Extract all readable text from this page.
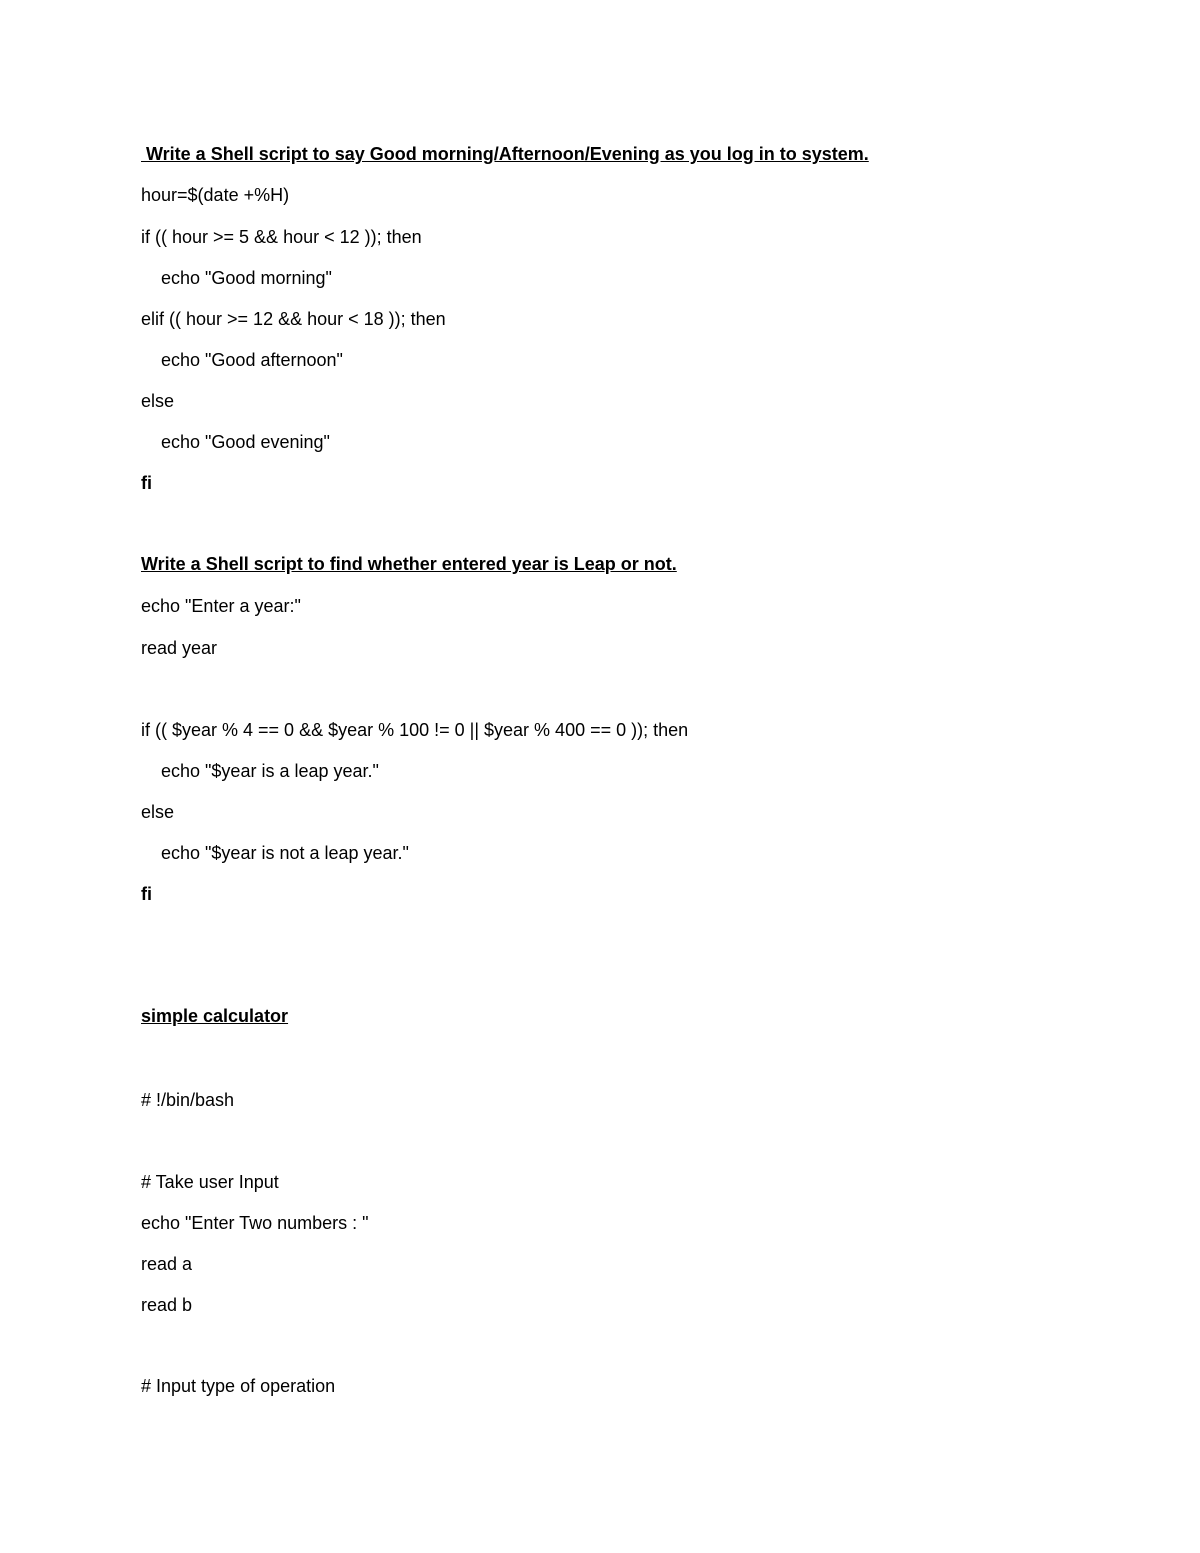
Write a Shell script to say Good morning/Afternoon/Evening as you log in to system.
hour=$(date +%H)
if (( hour >= 5 && hour < 12 )); then
echo "Good morning"
elif (( hour >= 12 && hour < 18 )); then
echo "Good afternoon"
else
echo "Good evening"
fi
Write a Shell script to find whether entered year is Leap or not.
echo "Enter a year:"
read year
if (( $year % 4 == 0 && $year % 100 != 0 || $year % 400 == 0 )); then
echo "$year is a leap year."
else
echo "$year is not a leap year."
fi
simple calculator
# !/bin/bash
# Take user Input
echo "Enter Two numbers : "
read a
read b
# Input type of operation
